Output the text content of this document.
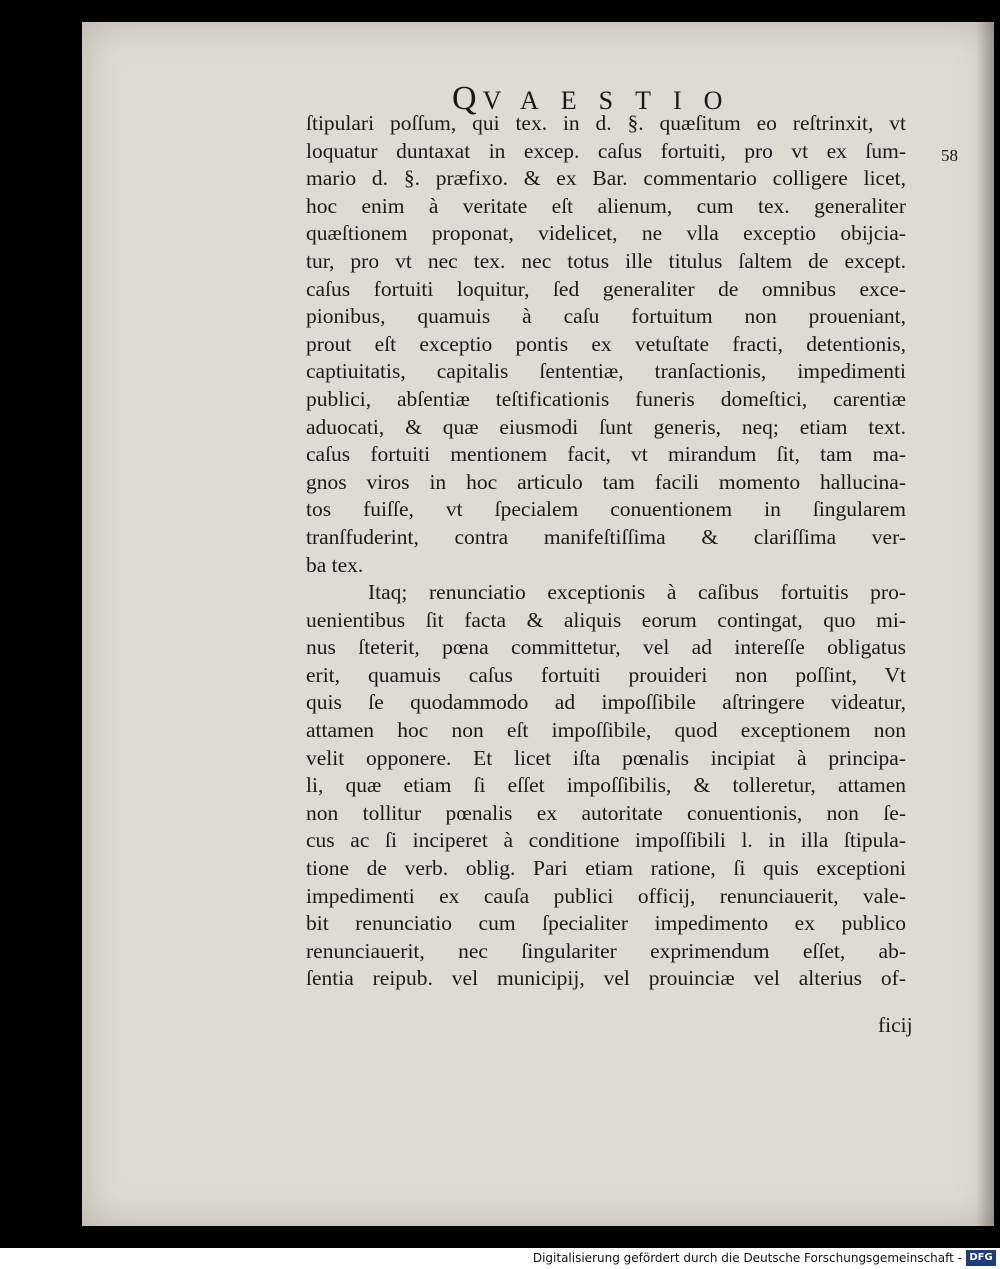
QVAESTIO
58
ſtipulari poſſum, qui tex. in d. §. quæſitum eo reſtrinxit, vt
loquatur duntaxat in excep. caſus fortuiti, pro vt ex ſum-
mario d. §. præfixo. & ex Bar. commentario colligere licet,
hoc enim à veritate eſt alienum, cum tex. generaliter
quæſtionem proponat, videlicet, ne vlla exceptio obijcia-
tur, pro vt nec tex. nec totus ille titulus ſaltem de except.
caſus fortuiti loquitur, ſed generaliter de omnibus exce-
pionibus, quamuis à caſu fortuitum non proueniant,
prout eſt exceptio pontis ex vetuſtate fracti, detentionis,
captiuitatis, capitalis ſententiæ, tranſactionis, impedimenti
publici, abſentiæ teſtificationis funeris domeſtici, carentiæ
aduocati, & quæ eiusmodi ſunt generis, neq; etiam text.
caſus fortuiti mentionem facit, vt mirandum ſit, tam ma-
gnos viros in hoc articulo tam facili momento hallucina-
tos fuiſſe, vt ſpecialem conuentionem in ſingularem
tranſfuderint, contra manifeſtiſſima & clariſſima ver-
ba tex.
Itaq; renunciatio exceptionis à caſibus fortuitis pro-
uenientibus ſit facta & aliquis eorum contingat, quo mi-
nus ſteterit, pœna committetur, vel ad intereſſe obligatus
erit, quamuis caſus fortuiti prouideri non poſſint, Vt
quis ſe quodammodo ad impoſſibile aſtringere videatur,
attamen hoc non eſt impoſſibile, quod exceptionem non
velit opponere. Et licet iſta pœnalis incipiat à principa-
li, quæ etiam ſi eſſet impoſſibilis, & tolleretur, attamen
non tollitur pœnalis ex autoritate conuentionis, non ſe-
cus ac ſi inciperet à conditione impoſſibili l. in illa ſtipula-
tione de verb. oblig. Pari etiam ratione, ſi quis exceptioni
impedimenti ex cauſa publici officij, renunciauerit, vale-
bit renunciatio cum ſpecialiter impedimento ex publico
renunciauerit, nec ſingulariter exprimendum eſſet, ab-
ſentia reipub. vel municipij, vel prouinciæ vel alterius of-
ficij
Digitalisierung gefördert durch die Deutsche Forschungsgemeinschaft - DFG
